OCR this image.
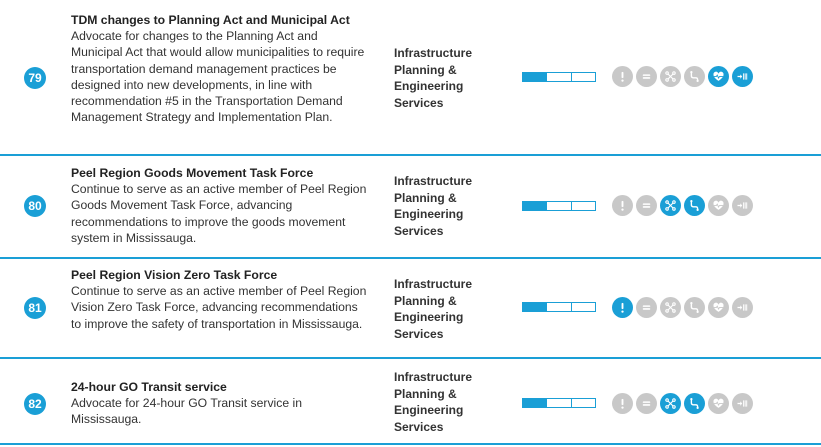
79
TDM changes to Planning Act and Municipal Act
Advocate for changes to the Planning Act and Municipal Act that would allow municipalities to require transportation demand management practices be designed into new developments, in line with recommendation #5 in the Transportation Demand Management Strategy and Implementation Plan.
Infrastructure Planning & Engineering Services
80
Peel Region Goods Movement Task Force
Continue to serve as an active member of Peel Region Goods Movement Task Force, advancing recommendations to improve the goods movement system in Mississauga.
Infrastructure Planning & Engineering Services
81
Peel Region Vision Zero Task Force
Continue to serve as an active member of Peel Region Vision Zero Task Force, advancing recommendations to improve the safety of transportation in Mississauga.
Infrastructure Planning & Engineering Services
82
24-hour GO Transit service
Advocate for 24-hour GO Transit service in Mississauga.
Infrastructure Planning & Engineering Services
